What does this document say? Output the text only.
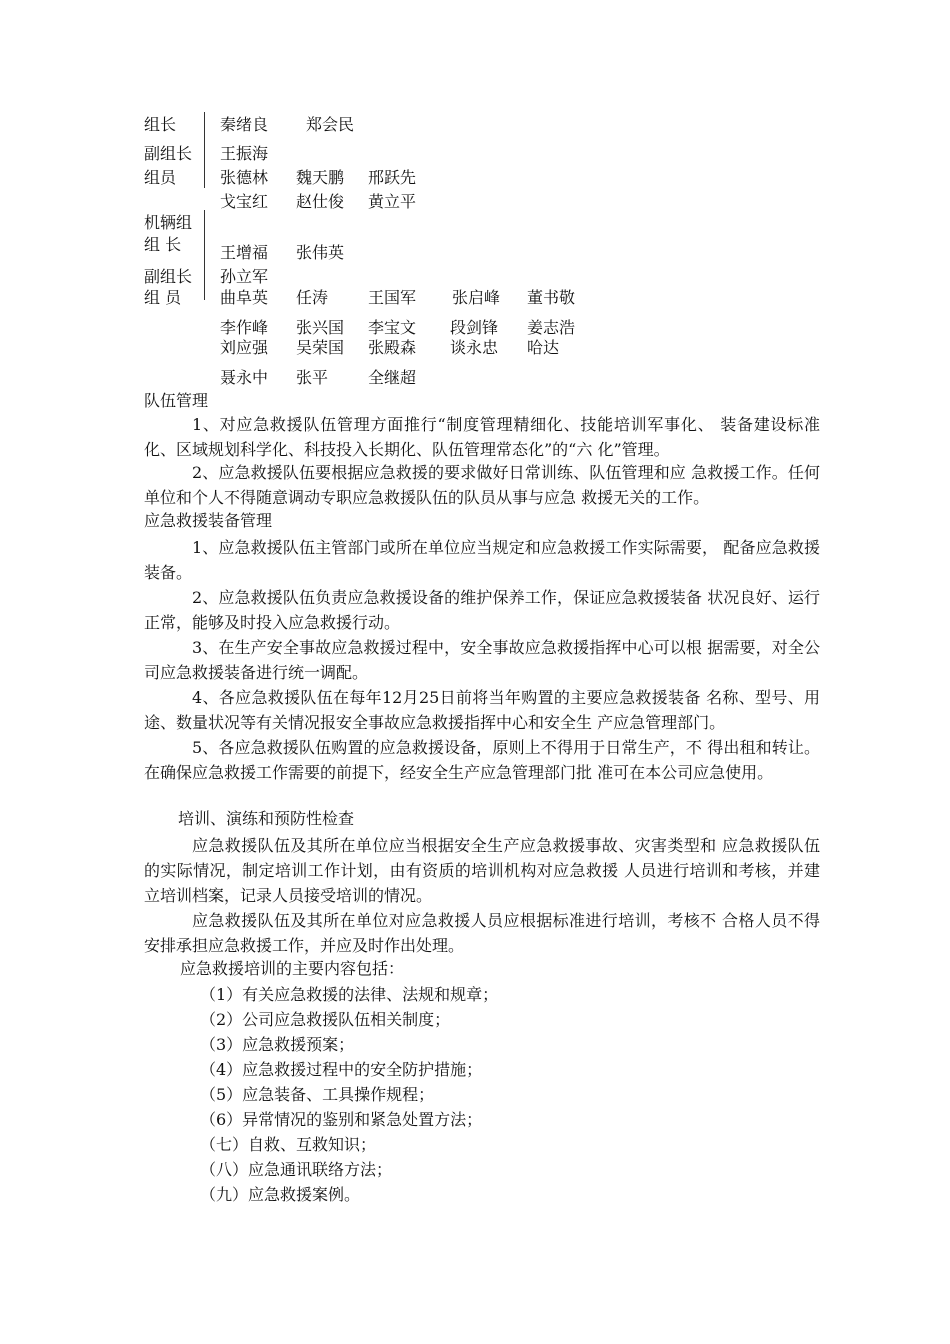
组长	秦绪良 郑会民
副组长 王振海
组员	张德林 魏天鹏 邢跃先
戈宝红 赵仕俊 黄立平
机辆组
组 长 王增福 张伟英
副组长 孙立军
组 员 曲阜英 任涛 王国军 张启峰 董书敬
李作峰 张兴国 李宝文 段剑锋 姜志浩
刘应强 吴荣国 张殿森 谈永忠 哈达
聂永中 张平 全继超
队伍管理
1、对应急救援队伍管理方面推行“制度管理精细化、技能培训军事化、 装备建设标准化、区域规划科学化、科技投入长期化、队伍管理常态化”的“六 化”管理。
2、应急救援队伍要根据应急救援的要求做好日常训练、队伍管理和应 急救援工作。任何单位和个人不得随意调动专职应急救援队伍的队员从事与应急 救援无关的工作。
应急救援装备管理
1、应急救援队伍主管部门或所在单位应当规定和应急救援工作实际需要， 配备应急救援装备。
2、应急救援队伍负责应急救援设备的维护保养工作，保证应急救援装备 状况良好、运行正常，能够及时投入应急救援行动。
3、在生产安全事故应急救援过程中，安全事故应急救援指挥中心可以根 据需要，对全公司应急救援装备进行统一调配。
4、各应急救援队伍在每年12月25日前将当年购置的主要应急救援装备 名称、型号、用途、数量状况等有关情况报安全事故应急救援指挥中心和安全生 产应急管理部门。
5、各应急救援队伍购置的应急救援设备，原则上不得用于日常生产，不 得出租和转让。在确保应急救援工作需要的前提下，经安全生产应急管理部门批 准可在本公司应急使用。
培训、演练和预防性检查
应急救援队伍及其所在单位应当根据安全生产应急救援事故、灾害类型和 应急救援队伍的实际情况，制定培训工作计划，由有资质的培训机构对应急救援 人员进行培训和考核，并建立培训档案，记录人员接受培训的情况。
应急救援队伍及其所在单位对应急救援人员应根据标准进行培训，考核不 合格人员不得安排承担应急救援工作，并应及时作出处理。
应急救援培训的主要内容包括：
（1）有关应急救援的法律、法规和规章；
（2）公司应急救援队伍相关制度；
（3）应急救援预案；
（4）应急救援过程中的安全防护措施；
（5）应急装备、工具操作规程；
（6）异常情况的鉴别和紧急处置方法；
（七）自救、互救知识；
（八）应急通讯联络方法；
（九）应急救援案例。
